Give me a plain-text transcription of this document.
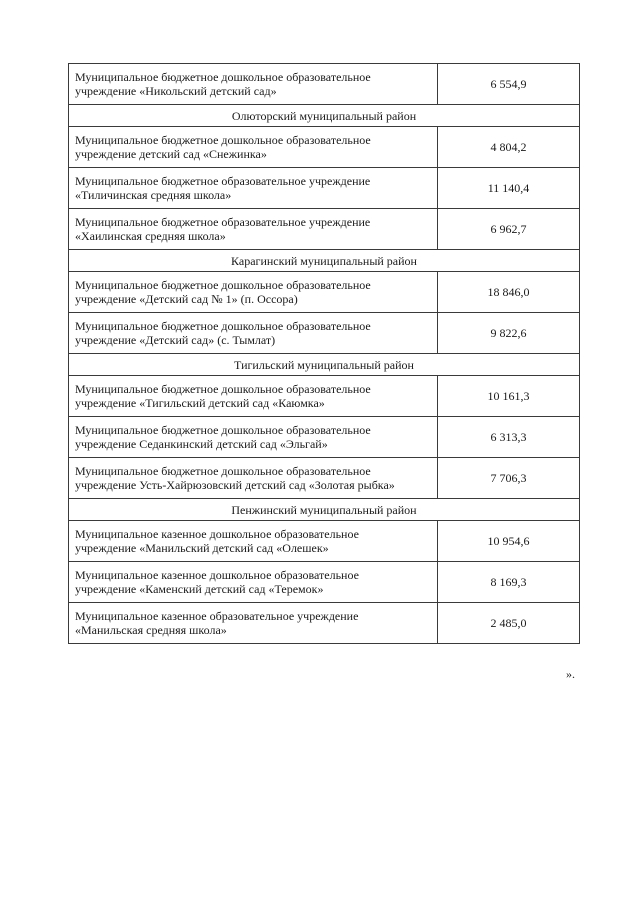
Муниципальное бюджетное дошкольное образовательное
учреждение «Никольский детский сад»	6 554,9
Олюторский муниципальный район	

Муниципальное бюджетное дошкольное образовательное
учреждение детский сад «Снежинка»	4 804,2

Муниципальное бюджетное образовательное учреждение
«Тиличинская средняя школа»	11 140,4

Муниципальное бюджетное образовательное учреждение
«Хаилинская средняя школа»	6 962,7
Карагинский муниципальный район	

Муниципальное бюджетное дошкольное образовательное
учреждение «Детский сад № 1» (п. Оссора)	18 846,0

Муниципальное бюджетное дошкольное образовательное
учреждение «Детский сад» (с. Тымлат)	9 822,6
Тигильский муниципальный район	

Муниципальное бюджетное дошкольное образовательное
учреждение «Тигильский детский сад «Каюмка»	10 161,3

Муниципальное бюджетное дошкольное образовательное
учреждение Седанкинский детский сад «Эльгай»	6 313,3

Муниципальное бюджетное дошкольное образовательное
учреждение Усть-Хайрюзовский детский сад «Золотая рыбка»	7 706,3
Пенжинский муниципальный район	

Муниципальное казенное дошкольное образовательное
учреждение «Манильский детский сад «Олешек»	10 954,6

Муниципальное казенное дошкольное образовательное
учреждение «Каменский детский сад «Теремок»	8 169,3

Муниципальное казенное образовательное учреждение
«Манильская средняя школа»	2 485,0
».
